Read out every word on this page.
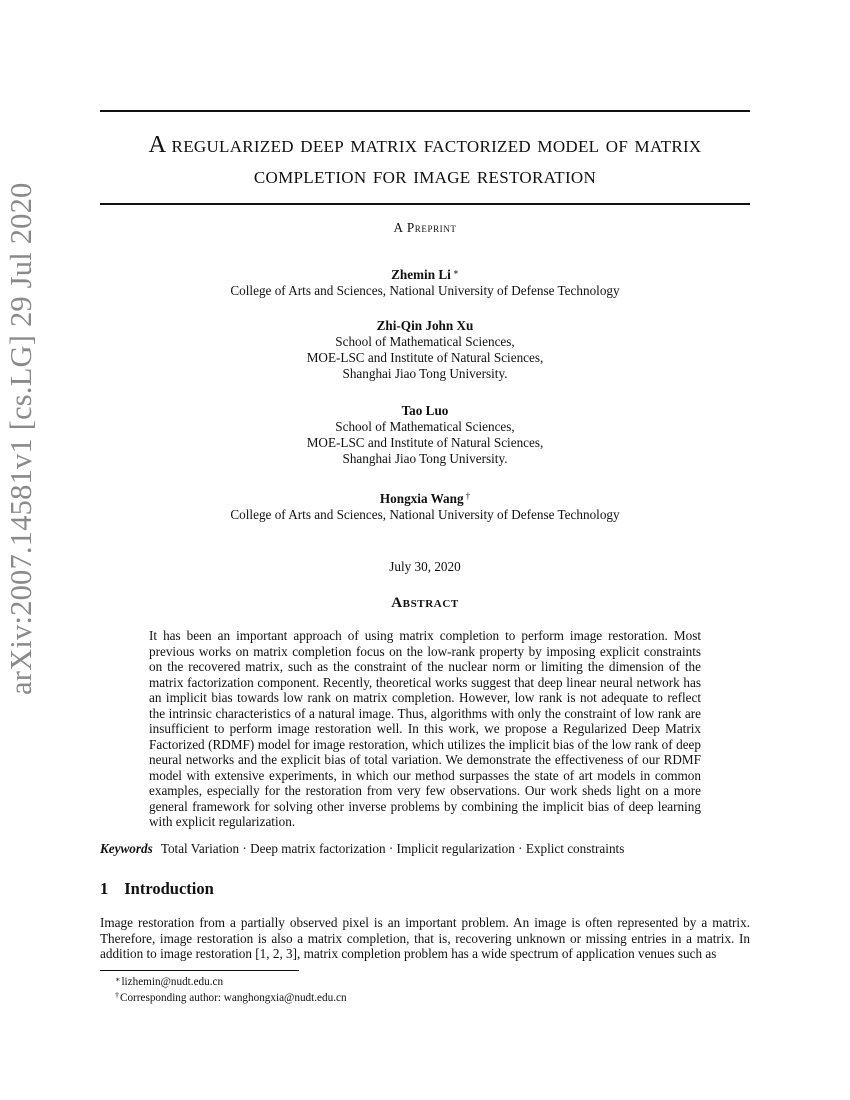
arXiv:2007.14581v1 [cs.LG] 29 Jul 2020
A regularized deep matrix factorized model of matrix
completion for image restoration
A Preprint
Zhemin Li ∗
College of Arts and Sciences, National University of Defense Technology
Zhi-Qin John Xu
School of Mathematical Sciences,
MOE-LSC and Institute of Natural Sciences,
Shanghai Jiao Tong University.
Tao Luo
School of Mathematical Sciences,
MOE-LSC and Institute of Natural Sciences,
Shanghai Jiao Tong University.
Hongxia Wang †
College of Arts and Sciences, National University of Defense Technology
July 30, 2020
Abstract

It has been an important approach of using matrix completion to perform image restoration. Most previous works on matrix completion focus on the low-rank property by imposing explicit constraints on the recovered matrix, such as the constraint of the nuclear norm or limiting the dimension of the matrix factorization component. Recently, theoretical works suggest that deep linear neural network has an implicit bias towards low rank on matrix completion. However, low rank is not adequate to reflect the intrinsic characteristics of a natural image. Thus, algorithms with only the constraint of low rank are insufficient to perform image restoration well. In this work, we propose a Regularized Deep Matrix Factorized (RDMF) model for image restoration, which utilizes the implicit bias of the low rank of deep neural networks and the explicit bias of total variation. We demonstrate the effectiveness of our RDMF model with extensive experiments, in which our method surpasses the state of art models in common examples, especially for the restoration from very few observations. Our work sheds light on a more general framework for solving other inverse problems by combining the implicit bias of deep learning with explicit regularization.

Keywords Total Variation · Deep matrix factorization · Implicit regularization · Explict constraints
1 Introduction

Image restoration from a partially observed pixel is an important problem. An image is often represented by a matrix. Therefore, image restoration is also a matrix completion, that is, recovering unknown or missing entries in a matrix. In addition to image restoration [1, 2, 3], matrix completion problem has a wide spectrum of application venues such as

∗lizhemin@nudt.edu.cn
†Corresponding author: wanghongxia@nudt.edu.cn
